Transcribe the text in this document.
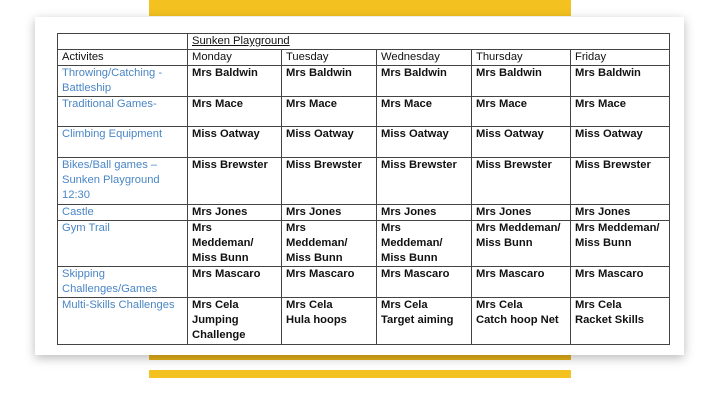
	Sunken Playground				
Activites	Monday	Tuesday	Wednesday	Thursday	Friday

Throwing/Catching -
Battleship	Mrs Baldwin	Mrs Baldwin	Mrs Baldwin	Mrs Baldwin	Mrs Baldwin

Traditional Games-	Mrs Mace	Mrs Mace	Mrs Mace	Mrs Mace	Mrs Mace

Climbing Equipment	Miss Oatway	Miss Oatway	Miss Oatway	Miss Oatway	Miss Oatway

Bikes/Ball games –
Sunken Playground
12:30	Miss Brewster	Miss Brewster	Miss Brewster	Miss Brewster	Miss Brewster

Castle	Mrs Jones	Mrs Jones	Mrs Jones	Mrs Jones	Mrs Jones

Gym Trail	Mrs
Meddeman/
Miss Bunn	Mrs
Meddeman/
Miss Bunn	Mrs
Meddeman/
Miss Bunn	Mrs Meddeman/
Miss Bunn	Mrs Meddeman/
Miss Bunn

Skipping
Challenges/Games	Mrs Mascaro	Mrs Mascaro	Mrs Mascaro	Mrs Mascaro	Mrs Mascaro

Multi-Skills Challenges	Mrs Cela
Jumping
Challenge	Mrs Cela
Hula hoops	Mrs Cela
Target aiming	Mrs Cela
Catch hoop Net	Mrs Cela
Racket Skills
